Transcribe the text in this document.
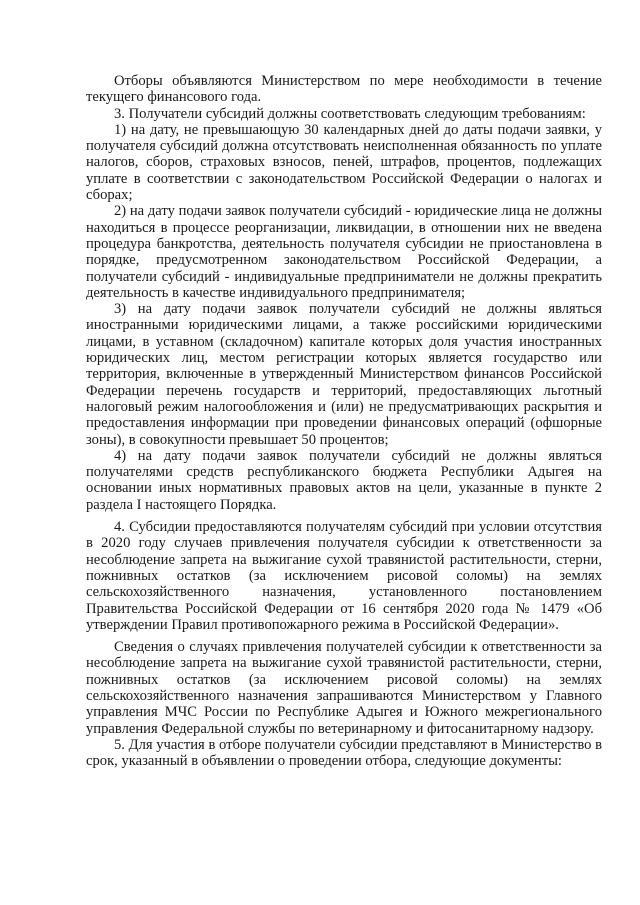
Отборы объявляются Министерством по мере необходимости в течение текущего финансового года.

3. Получатели субсидий должны соответствовать следующим требованиям:

1) на дату, не превышающую 30 календарных дней до даты подачи заявки, у получателя субсидий должна отсутствовать неисполненная обязанность по уплате налогов, сборов, страховых взносов, пеней, штрафов, процентов, подлежащих уплате в соответствии с законодательством Российской Федерации о налогах и сборах;

2) на дату подачи заявок получатели субсидий - юридические лица не должны находиться в процессе реорганизации, ликвидации, в отношении них не введена процедура банкротства, деятельность получателя субсидии не приостановлена в порядке, предусмотренном законодательством Российской Федерации, а получатели субсидий - индивидуальные предприниматели не должны прекратить деятельность в качестве индивидуального предпринимателя;

3) на дату подачи заявок получатели субсидий не должны являться иностранными юридическими лицами, а также российскими юридическими лицами, в уставном (складочном) капитале которых доля участия иностранных юридических лиц, местом регистрации которых является государство или территория, включенные в утвержденный Министерством финансов Российской Федерации перечень государств и территорий, предоставляющих льготный налоговый режим налогообложения и (или) не предусматривающих раскрытия и предоставления информации при проведении финансовых операций (офшорные зоны), в совокупности превышает 50 процентов;

4) на дату подачи заявок получатели субсидий не должны являться получателями средств республиканского бюджета Республики Адыгея на основании иных нормативных правовых актов на цели, указанные в пункте 2 раздела I настоящего Порядка.

4. Субсидии предоставляются получателям субсидий при условии отсутствия в 2020 году случаев привлечения получателя субсидии к ответственности за несоблюдение запрета на выжигание сухой травянистой растительности, стерни, пожнивных остатков (за исключением рисовой соломы) на землях сельскохозяйственного назначения, установленного постановлением Правительства Российской Федерации от 16 сентября 2020 года № 1479 «Об утверждении Правил противопожарного режима в Российской Федерации».

Сведения о случаях привлечения получателей субсидии к ответственности за несоблюдение запрета на выжигание сухой травянистой растительности, стерни, пожнивных остатков (за исключением рисовой соломы) на землях сельскохозяйственного назначения запрашиваются Министерством у Главного управления МЧС России по Республике Адыгея и Южного межрегионального управления Федеральной службы по ветеринарному и фитосанитарному надзору.

5. Для участия в отборе получатели субсидии представляют в Министерство в срок, указанный в объявлении о проведении отбора, следующие документы:
